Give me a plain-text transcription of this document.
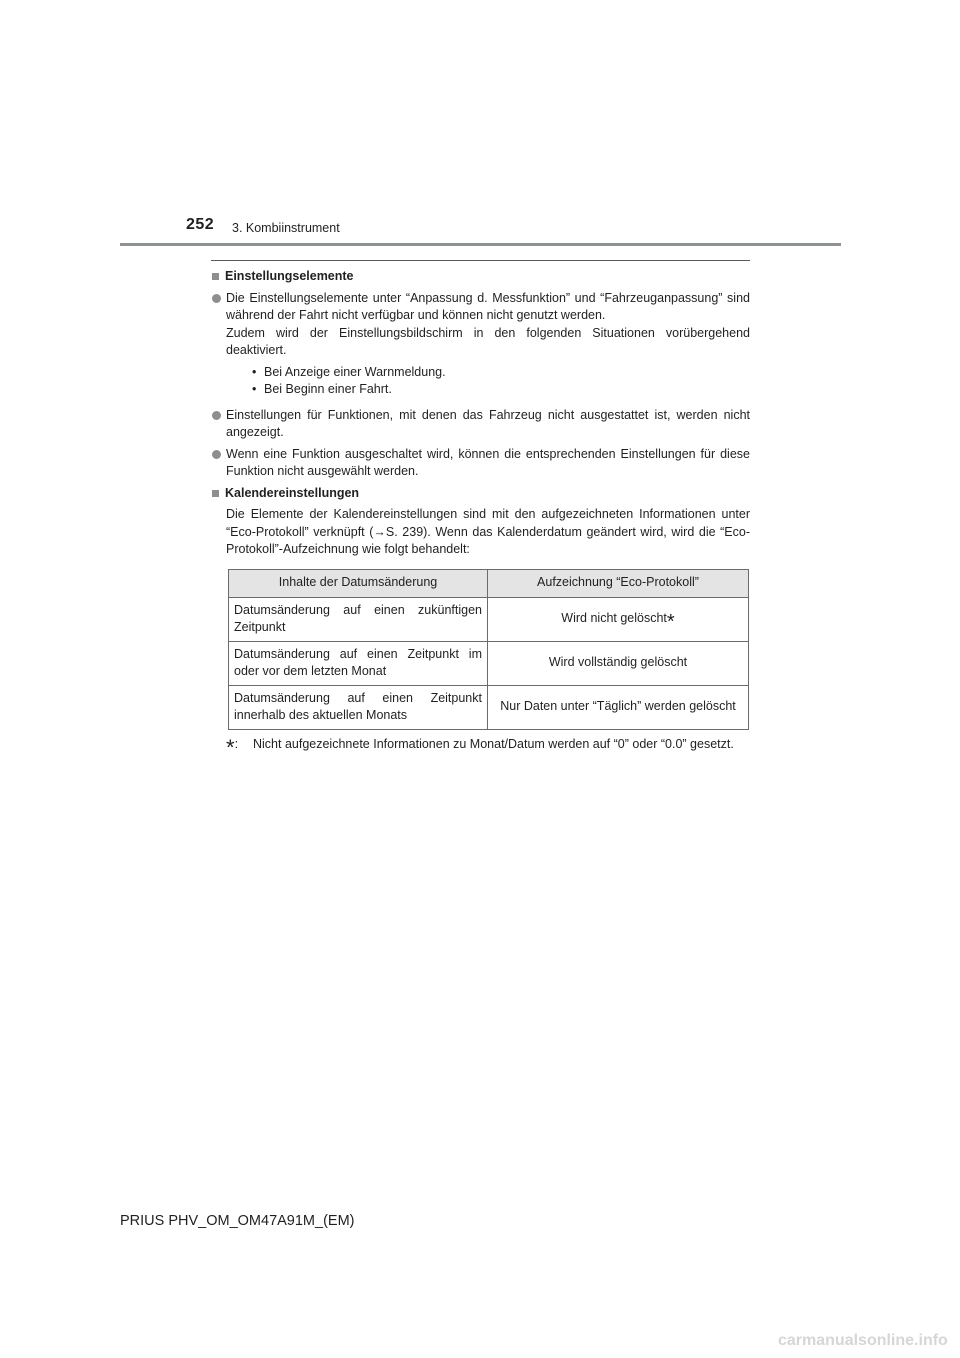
252 3. Kombiinstrument
Einstellungselemente

Die Einstellungselemente unter “Anpassung d. Messfunktion” und “Fahrzeuganpassung” sind während der Fahrt nicht verfügbar und können nicht genutzt werden.

Zudem wird der Einstellungsbildschirm in den folgenden Situationen vorübergehend deaktiviert.

• Bei Anzeige einer Warnmeldung.
• Bei Beginn einer Fahrt.
Einstellungen für Funktionen, mit denen das Fahrzeug nicht ausgestattet ist, werden nicht angezeigt.
Wenn eine Funktion ausgeschaltet wird, können die entsprechenden Einstellungen für diese Funktion nicht ausgewählt werden.
Kalendereinstellungen

Die Elemente der Kalendereinstellungen sind mit den aufgezeichneten Informationen unter “Eco-Protokoll” verknüpft (→S. 239). Wenn das Kalenderdatum geändert wird, wird die “Eco-Protokoll”-Aufzeichnung wie folgt behandelt:

Inhalte der Datumsänderung	Aufzeichnung “Eco-Protokoll”
Datumsänderung auf einen zukünftigen Zeitpunkt	Wird nicht gelöscht*
Datumsänderung auf einen Zeitpunkt im oder vor dem letzten Monat	Wird vollständig gelöscht
Datumsänderung auf einen Zeitpunkt innerhalb des aktuellen Monats	Nur Daten unter “Täglich” werden gelöscht
*:	Nicht aufgezeichnete Informationen zu Monat/Datum werden auf “0” oder “0.0” gesetzt.
PRIUS PHV_OM_OM47A91M_(EM)
carmanualsonline.info
